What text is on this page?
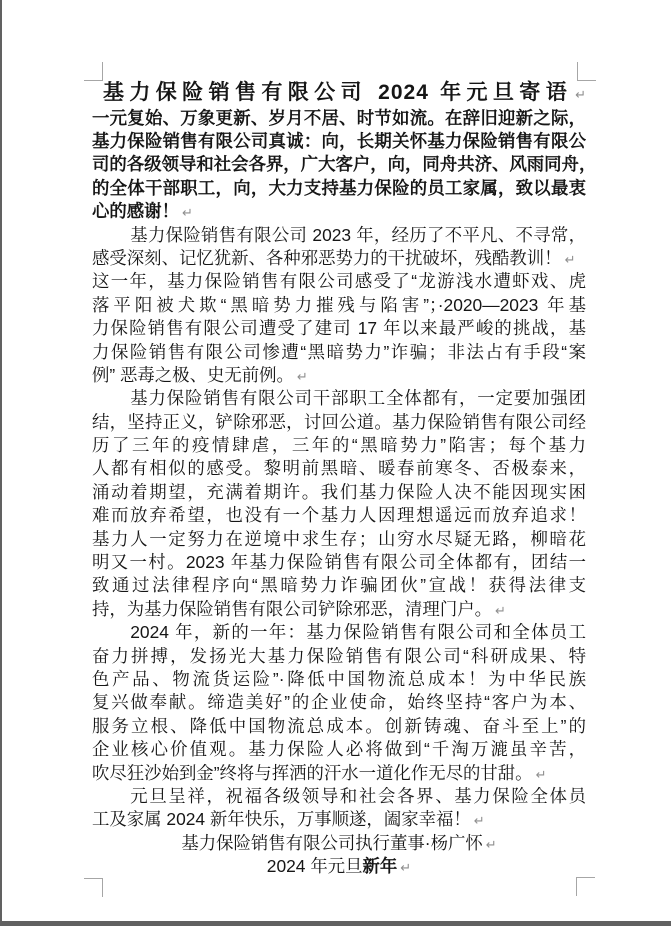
基力保险销售有限公司 2024 年元旦寄语 ↵
一元复始、万象更新、岁月不居、时节如流。在辞旧迎新之际，
基力保险销售有限公司真诚：向，长期关怀基力保险销售有限公
司的各级领导和社会各界，广大客户，向，同舟共济、风雨同舟，
的全体干部职工，向，大力支持基力保险的员工家属，致以最衷
心的感谢！ ↵
基力保险销售有限公司 2023 年，经历了不平凡、不寻常，
感受深刻、记忆犹新、各种邪恶势力的干扰破坏，残酷教训！ ↵
这一年，基力保险销售有限公司感受了“龙游浅水遭虾戏、虎
落平阳被犬欺“黑暗势力摧残与陷害”；·2020—2023 年基
力保险销售有限公司遭受了建司 17 年以来最严峻的挑战，基
力保险销售有限公司惨遭“黑暗势力”诈骗；非法占有手段“案
例” 恶毒之极、史无前例。 ↵
基力保险销售有限公司干部职工全体都有，一定要加强团
结，坚持正义，铲除邪恶，讨回公道。基力保险销售有限公司经
历了三年的疫情肆虐，三年的“黑暗势力”陷害；每个基力
人都有相似的感受。黎明前黑暗、暖春前寒冬、否极泰来，
涌动着期望，充满着期许。我们基力保险人决不能因现实困
难而放弃希望，也没有一个基力人因理想遥远而放弃追求！
基力人一定努力在逆境中求生存；山穷水尽疑无路，柳暗花
明又一村。2023 年基力保险销售有限公司全体都有，团结一
致通过法律程序向“黑暗势力诈骗团伙”宣战！获得法律支
持，为基力保险销售有限公司铲除邪恶，清理门户。 ↵
2024 年，新的一年：基力保险销售有限公司和全体员工
奋力拼搏，发扬光大基力保险销售有限公司“科研成果、特
色产品、物流货运险”·降低中国物流总成本！为中华民族
复兴做奉献。缔造美好”的企业使命，始终坚持“客户为本、
服务立根、降低中国物流总成本。创新铸魂、奋斗至上”的
企业核心价值观。基力保险人必将做到“千淘万漉虽辛苦，
吹尽狂沙始到金”终将与挥洒的汗水一道化作无尽的甘甜。 ↵
元旦呈祥，祝福各级领导和社会各界、基力保险全体员
工及家属 2024 新年快乐，万事顺遂，阖家幸福！ ↵
基力保险销售有限公司执行董事·杨广怀 ↵
2024 年元旦新年 ↵
